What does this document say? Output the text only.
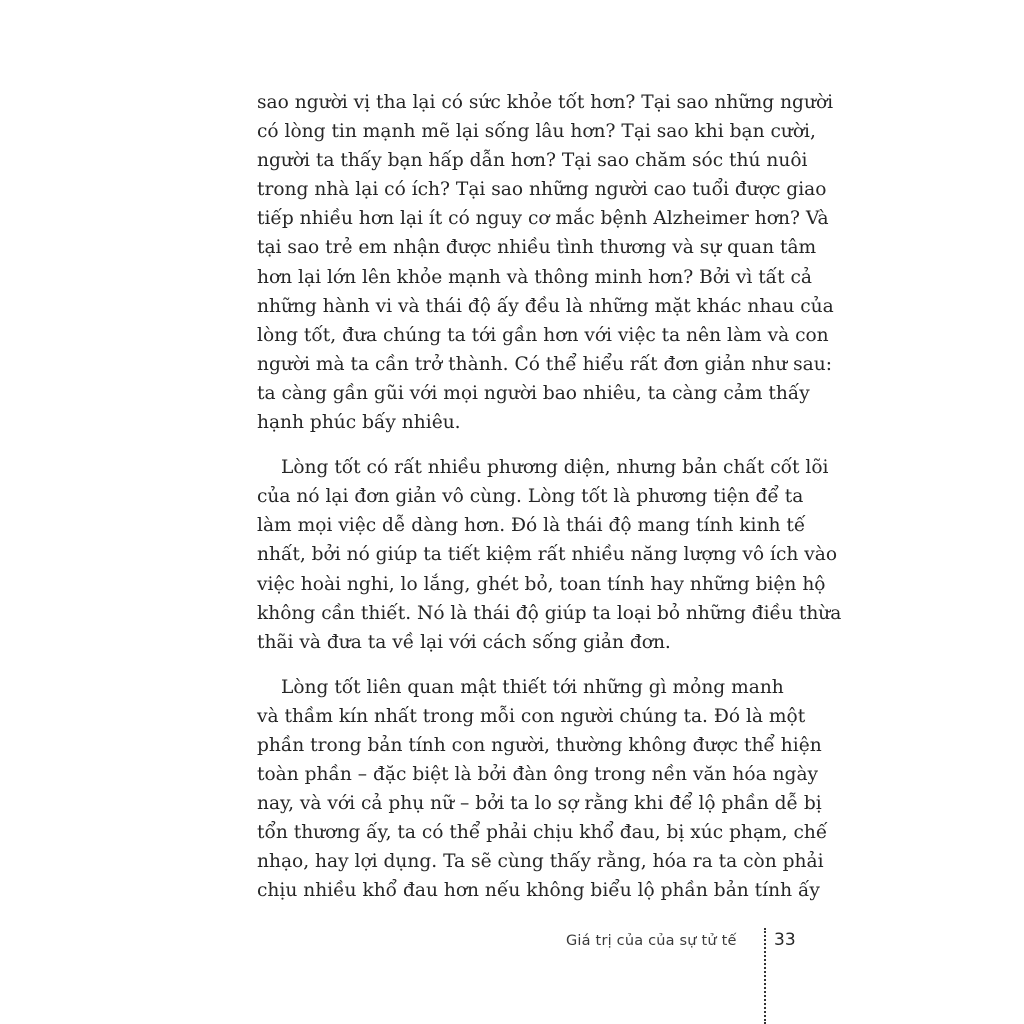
sao người vị tha lại có sức khỏe tốt hơn? Tại sao những người
có lòng tin mạnh mẽ lại sống lâu hơn? Tại sao khi bạn cười,
người ta thấy bạn hấp dẫn hơn? Tại sao chăm sóc thú nuôi
trong nhà lại có ích? Tại sao những người cao tuổi được giao
tiếp nhiều hơn lại ít có nguy cơ mắc bệnh Alzheimer hơn? Và
tại sao trẻ em nhận được nhiều tình thương và sự quan tâm
hơn lại lớn lên khỏe mạnh và thông minh hơn? Bởi vì tất cả
những hành vi và thái độ ấy đều là những mặt khác nhau của
lòng tốt, đưa chúng ta tới gần hơn với việc ta nên làm và con
người mà ta cần trở thành. Có thể hiểu rất đơn giản như sau:
ta càng gần gũi với mọi người bao nhiêu, ta càng cảm thấy
hạnh phúc bấy nhiêu.
Lòng tốt có rất nhiều phương diện, nhưng bản chất cốt lõi
của nó lại đơn giản vô cùng. Lòng tốt là phương tiện để ta
làm mọi việc dễ dàng hơn. Đó là thái độ mang tính kinh tế
nhất, bởi nó giúp ta tiết kiệm rất nhiều năng lượng vô ích vào
việc hoài nghi, lo lắng, ghét bỏ, toan tính hay những biện hộ
không cần thiết. Nó là thái độ giúp ta loại bỏ những điều thừa
thãi và đưa ta về lại với cách sống giản đơn.
Lòng tốt liên quan mật thiết tới những gì mỏng manh
và thầm kín nhất trong mỗi con người chúng ta. Đó là một
phần trong bản tính con người, thường không được thể hiện
toàn phần – đặc biệt là bởi đàn ông trong nền văn hóa ngày
nay, và với cả phụ nữ – bởi ta lo sợ rằng khi để lộ phần dễ bị
tổn thương ấy, ta có thể phải chịu khổ đau, bị xúc phạm, chế
nhạo, hay lợi dụng. Ta sẽ cùng thấy rằng, hóa ra ta còn phải
chịu nhiều khổ đau hơn nếu không biểu lộ phần bản tính ấy
Giá trị của của sự tử tế 33
